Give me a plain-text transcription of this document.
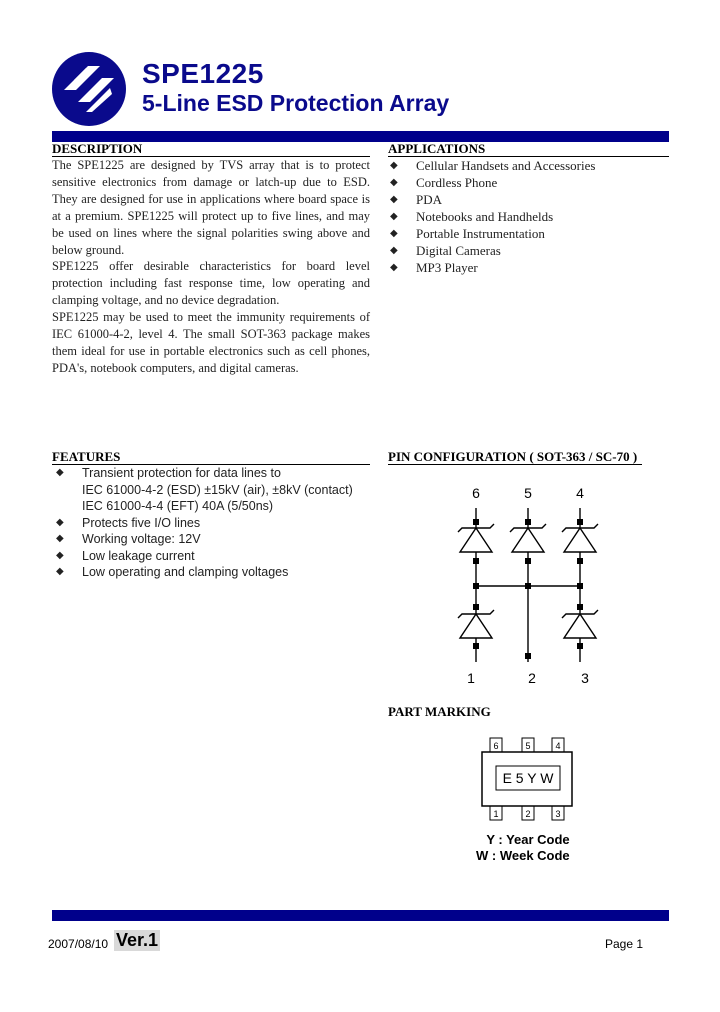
SPE1225
5-Line ESD Protection Array
DESCRIPTION

The SPE1225 are designed by TVS array that is to protect sensitive electronics from damage or latch-up due to ESD. They are designed for use in applications where board space is at a premium. SPE1225 will protect up to five lines, and may be used on lines where the signal polarities swing above and below ground.

SPE1225 offer desirable characteristics for board level protection including fast response time, low operating and clamping voltage, and no device degradation.

SPE1225 may be used to meet the immunity requirements of IEC 61000-4-2, level 4. The small SOT-363 package makes them ideal for use in portable electronics such as cell phones, PDA's, notebook computers, and digital cameras.

APPLICATIONS
◆ Cellular Handsets and Accessories
◆ Cordless Phone
◆ PDA
◆ Notebooks and Handhelds
◆ Portable Instrumentation
◆ Digital Cameras
◆ MP3 Player
FEATURES
◆ Transient protection for data lines to
IEC 61000-4-2 (ESD) ±15kV (air), ±8kV (contact)
IEC 61000-4-4 (EFT) 40A (5/50ns)
◆ Protects five I/O lines
◆ Working voltage: 12V
◆ Low leakage current
◆ Low operating and clamping voltages
PIN CONFIGURATION ( SOT-363 / SC-70 )
6	5	4
1	2	3
PART MARKING
6	5	4
1	2	3
E 5 Y W
Y : Year Code
W : Week Code
2007/08/10 Ver.1	Page 1
